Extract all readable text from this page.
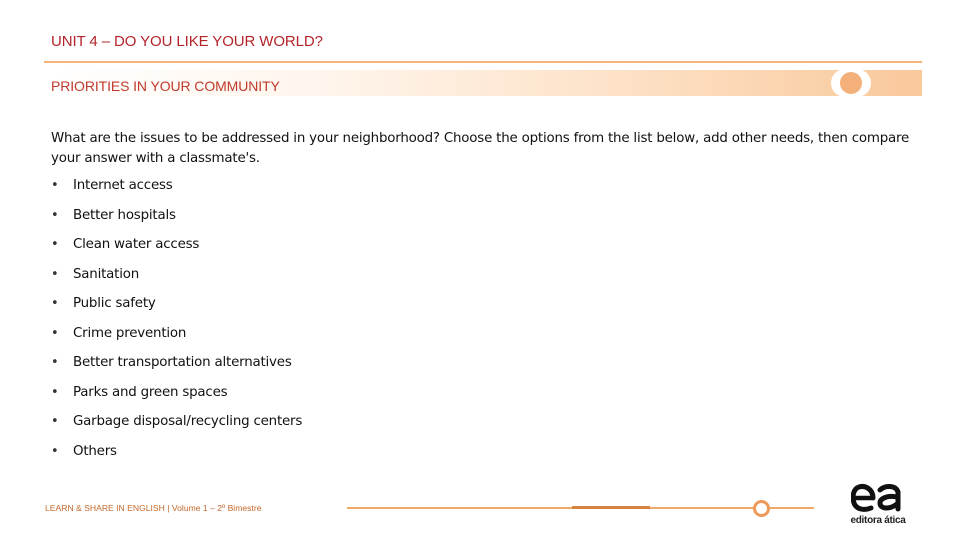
UNIT 4 – DO YOU LIKE YOUR WORLD?
PRIORITIES IN YOUR COMMUNITY
What are the issues to be addressed in your neighborhood? Choose the options from the list below, add other needs, then compare your answer with a classmate's.
• Internet access
• Better hospitals
• Clean water access
• Sanitation
• Public safety
• Crime prevention
• Better transportation alternatives
• Parks and green spaces
• Garbage disposal/recycling centers
• Others
LEARN & SHARE IN ENGLISH | Volume 1 – 2º Bimestre
editora ática
